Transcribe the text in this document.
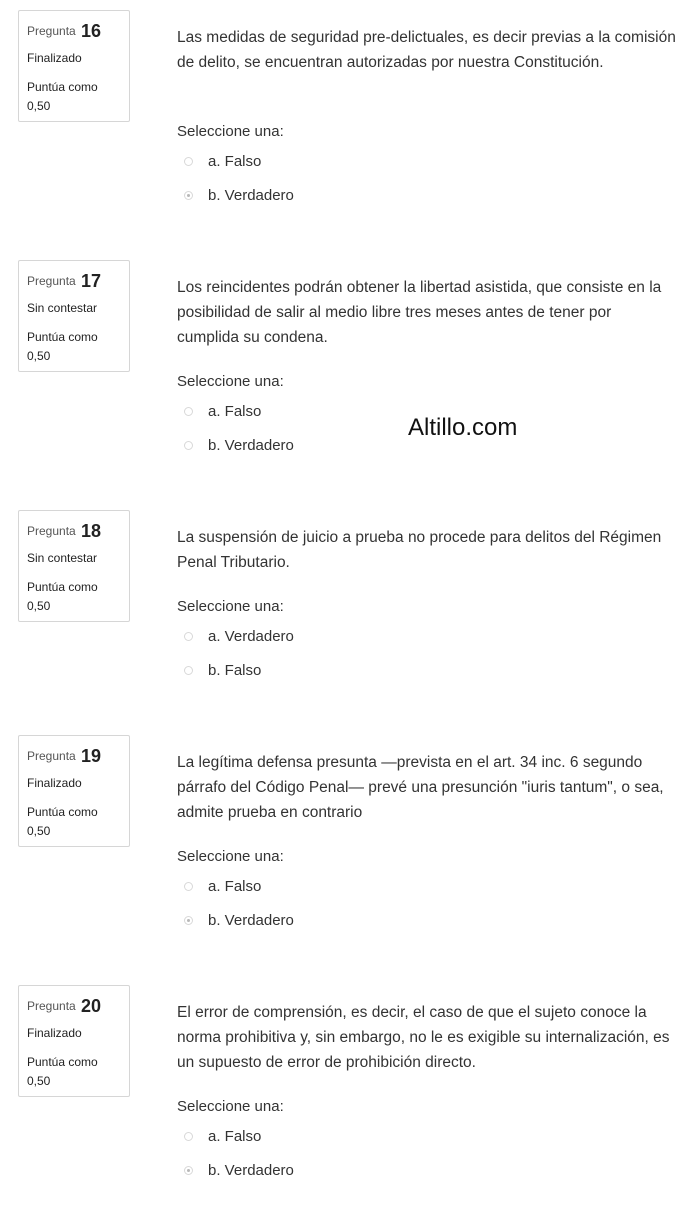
Pregunta 16
Finalizado
Puntúa como
0,50
Las medidas de seguridad pre-delictuales, es decir previas a la comisión de delito, se encuentran autorizadas por nuestra Constitución.
Seleccione una:
a. Falso
b. Verdadero
Pregunta 17
Sin contestar
Puntúa como
0,50
Los reincidentes podrán obtener la libertad asistida, que consiste en la posibilidad de salir al medio libre tres meses antes de tener por cumplida su condena.
Seleccione una:
a. Falso
b. Verdadero
Pregunta 18
Sin contestar
Puntúa como
0,50
La suspensión de juicio a prueba no procede para delitos del Régimen Penal Tributario.
Seleccione una:
a. Verdadero
b. Falso
Pregunta 19
Finalizado
Puntúa como
0,50
La legítima defensa presunta —prevista en el art. 34 inc. 6 segundo párrafo del Código Penal— prevé una presunción "iuris tantum", o sea, admite prueba en contrario
Seleccione una:
a. Falso
b. Verdadero
Pregunta 20
Finalizado
Puntúa como
0,50
El error de comprensión, es decir, el caso de que el sujeto conoce la norma prohibitiva y, sin embargo, no le es exigible su internalización, es un supuesto de error de prohibición directo.
Seleccione una:
a. Falso
b. Verdadero
Altillo.com
